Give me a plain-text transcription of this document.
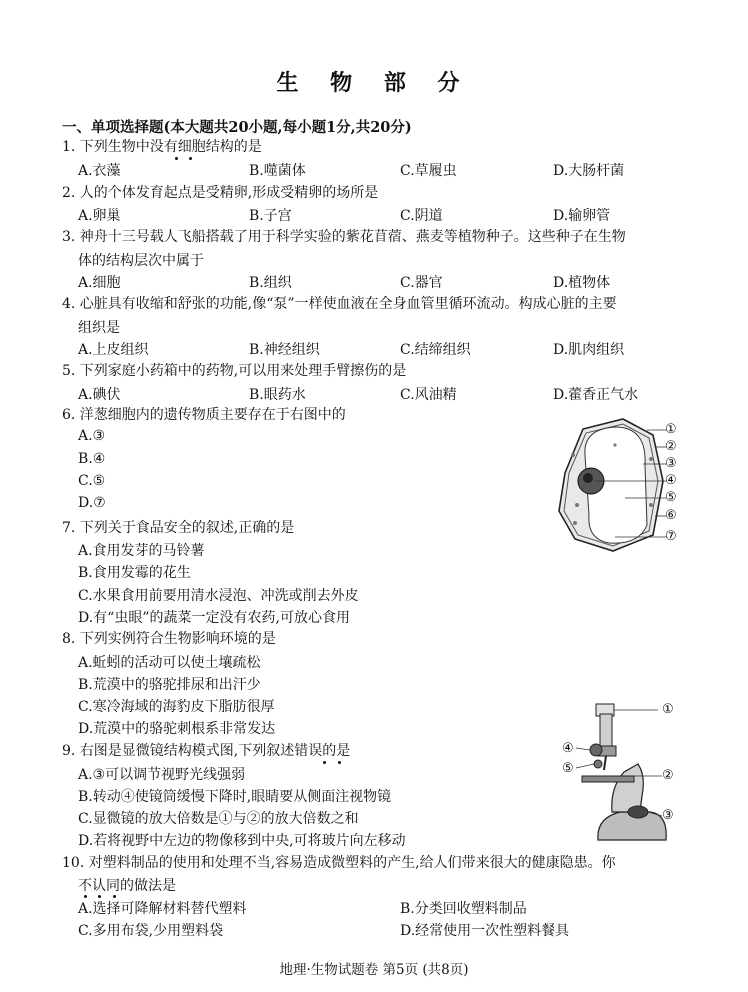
生 物 部 分
一、单项选择题(本大题共20小题,每小题1分,共20分)
1. 下列生物中没有细胞结构的是
A.衣藻	B.噬菌体	C.草履虫	D.大肠杆菌
2. 人的个体发育起点是受精卵,形成受精卵的场所是
A.卵巢	B.子宫	C.阴道	D.输卵管
3. 神舟十三号载人飞船搭载了用于科学实验的紫花苜蓿、燕麦等植物种子。这些种子在生物
体的结构层次中属于
A.细胞	B.组织	C.器官	D.植物体
4. 心脏具有收缩和舒张的功能,像“泵”一样使血液在全身血管里循环流动。构成心脏的主要
组织是
A.上皮组织	B.神经组织	C.结缔组织	D.肌肉组织
5. 下列家庭小药箱中的药物,可以用来处理手臂擦伤的是
A.碘伏	B.眼药水	C.风油精	D.藿香正气水
6. 洋葱细胞内的遗传物质主要存在于右图中的
A.③
B.④
C.⑤
D.⑦
①
②
③
④
⑤
⑥
⑦
7. 下列关于食品安全的叙述,正确的是
A.食用发芽的马铃薯
B.食用发霉的花生
C.水果食用前要用清水浸泡、冲洗或削去外皮
D.有“虫眼”的蔬菜一定没有农药,可放心食用
8. 下列实例符合生物影响环境的是
A.蚯蚓的活动可以使土壤疏松
B.荒漠中的骆驼排尿和出汗少
C.寒冷海域的海豹皮下脂肪很厚
D.荒漠中的骆驼刺根系非常发达
9. 右图是显微镜结构模式图,下列叙述错误的是
A.③可以调节视野光线强弱
B.转动④使镜筒缓慢下降时,眼睛要从侧面注视物镜
C.显微镜的放大倍数是①与②的放大倍数之和
D.若将视野中左边的物像移到中央,可将玻片向左移动
①
②
③
④
⑤
10. 对塑料制品的使用和处理不当,容易造成微塑料的产生,给人们带来很大的健康隐患。你
不认同的做法是
A.选择可降解材料替代塑料	B.分类回收塑料制品
C.多用布袋,少用塑料袋	D.经常使用一次性塑料餐具
地理·生物试题卷 第5页 (共8页)
